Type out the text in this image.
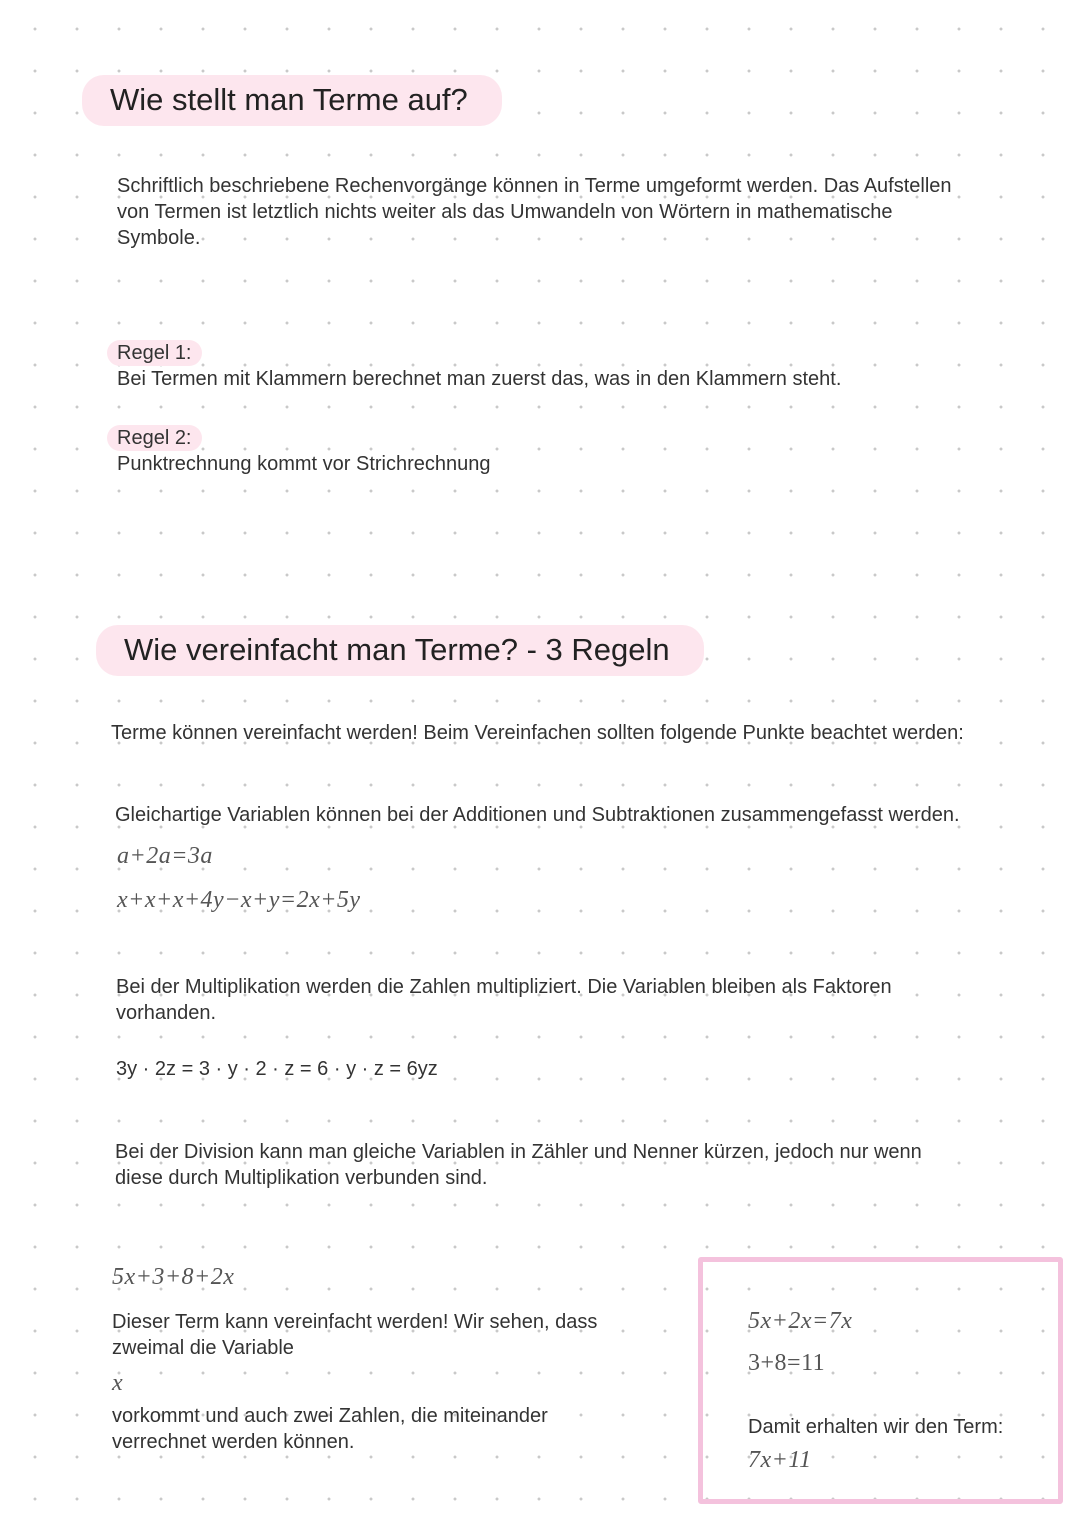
Wie stellt man Terme auf?
Schriftlich beschriebene Rechenvorgänge können in Terme umgeformt werden. Das Aufstellen von Termen ist letztlich nichts weiter als das Umwandeln von Wörtern in mathematische Symbole.
Regel 1:
Bei Termen mit Klammern berechnet man zuerst das, was in den Klammern steht.
Regel 2:
Punktrechnung kommt vor Strichrechnung
Wie vereinfacht man Terme? - 3 Regeln
Terme können vereinfacht werden! Beim Vereinfachen sollten folgende Punkte beachtet werden:
Gleichartige Variablen können bei der Additionen und Subtraktionen zusammengefasst werden.
a+2a=3a
x+x+x+4y−x+y=2x+5y
Bei der Multiplikation werden die Zahlen multipliziert. Die Variablen bleiben als Faktoren vorhanden.
3y · 2z = 3 · y · 2 · z = 6 · y · z = 6yz
Bei der Division kann man gleiche Variablen in Zähler und Nenner kürzen, jedoch nur wenn diese durch Multiplikation verbunden sind.
5x+3+8+2x
Dieser Term kann vereinfacht werden! Wir sehen, dass zweimal die Variable
x
vorkommt und auch zwei Zahlen, die miteinander verrechnet werden können.
5x+2x=7x
3+8=11
Damit erhalten wir den Term:
7x+11
